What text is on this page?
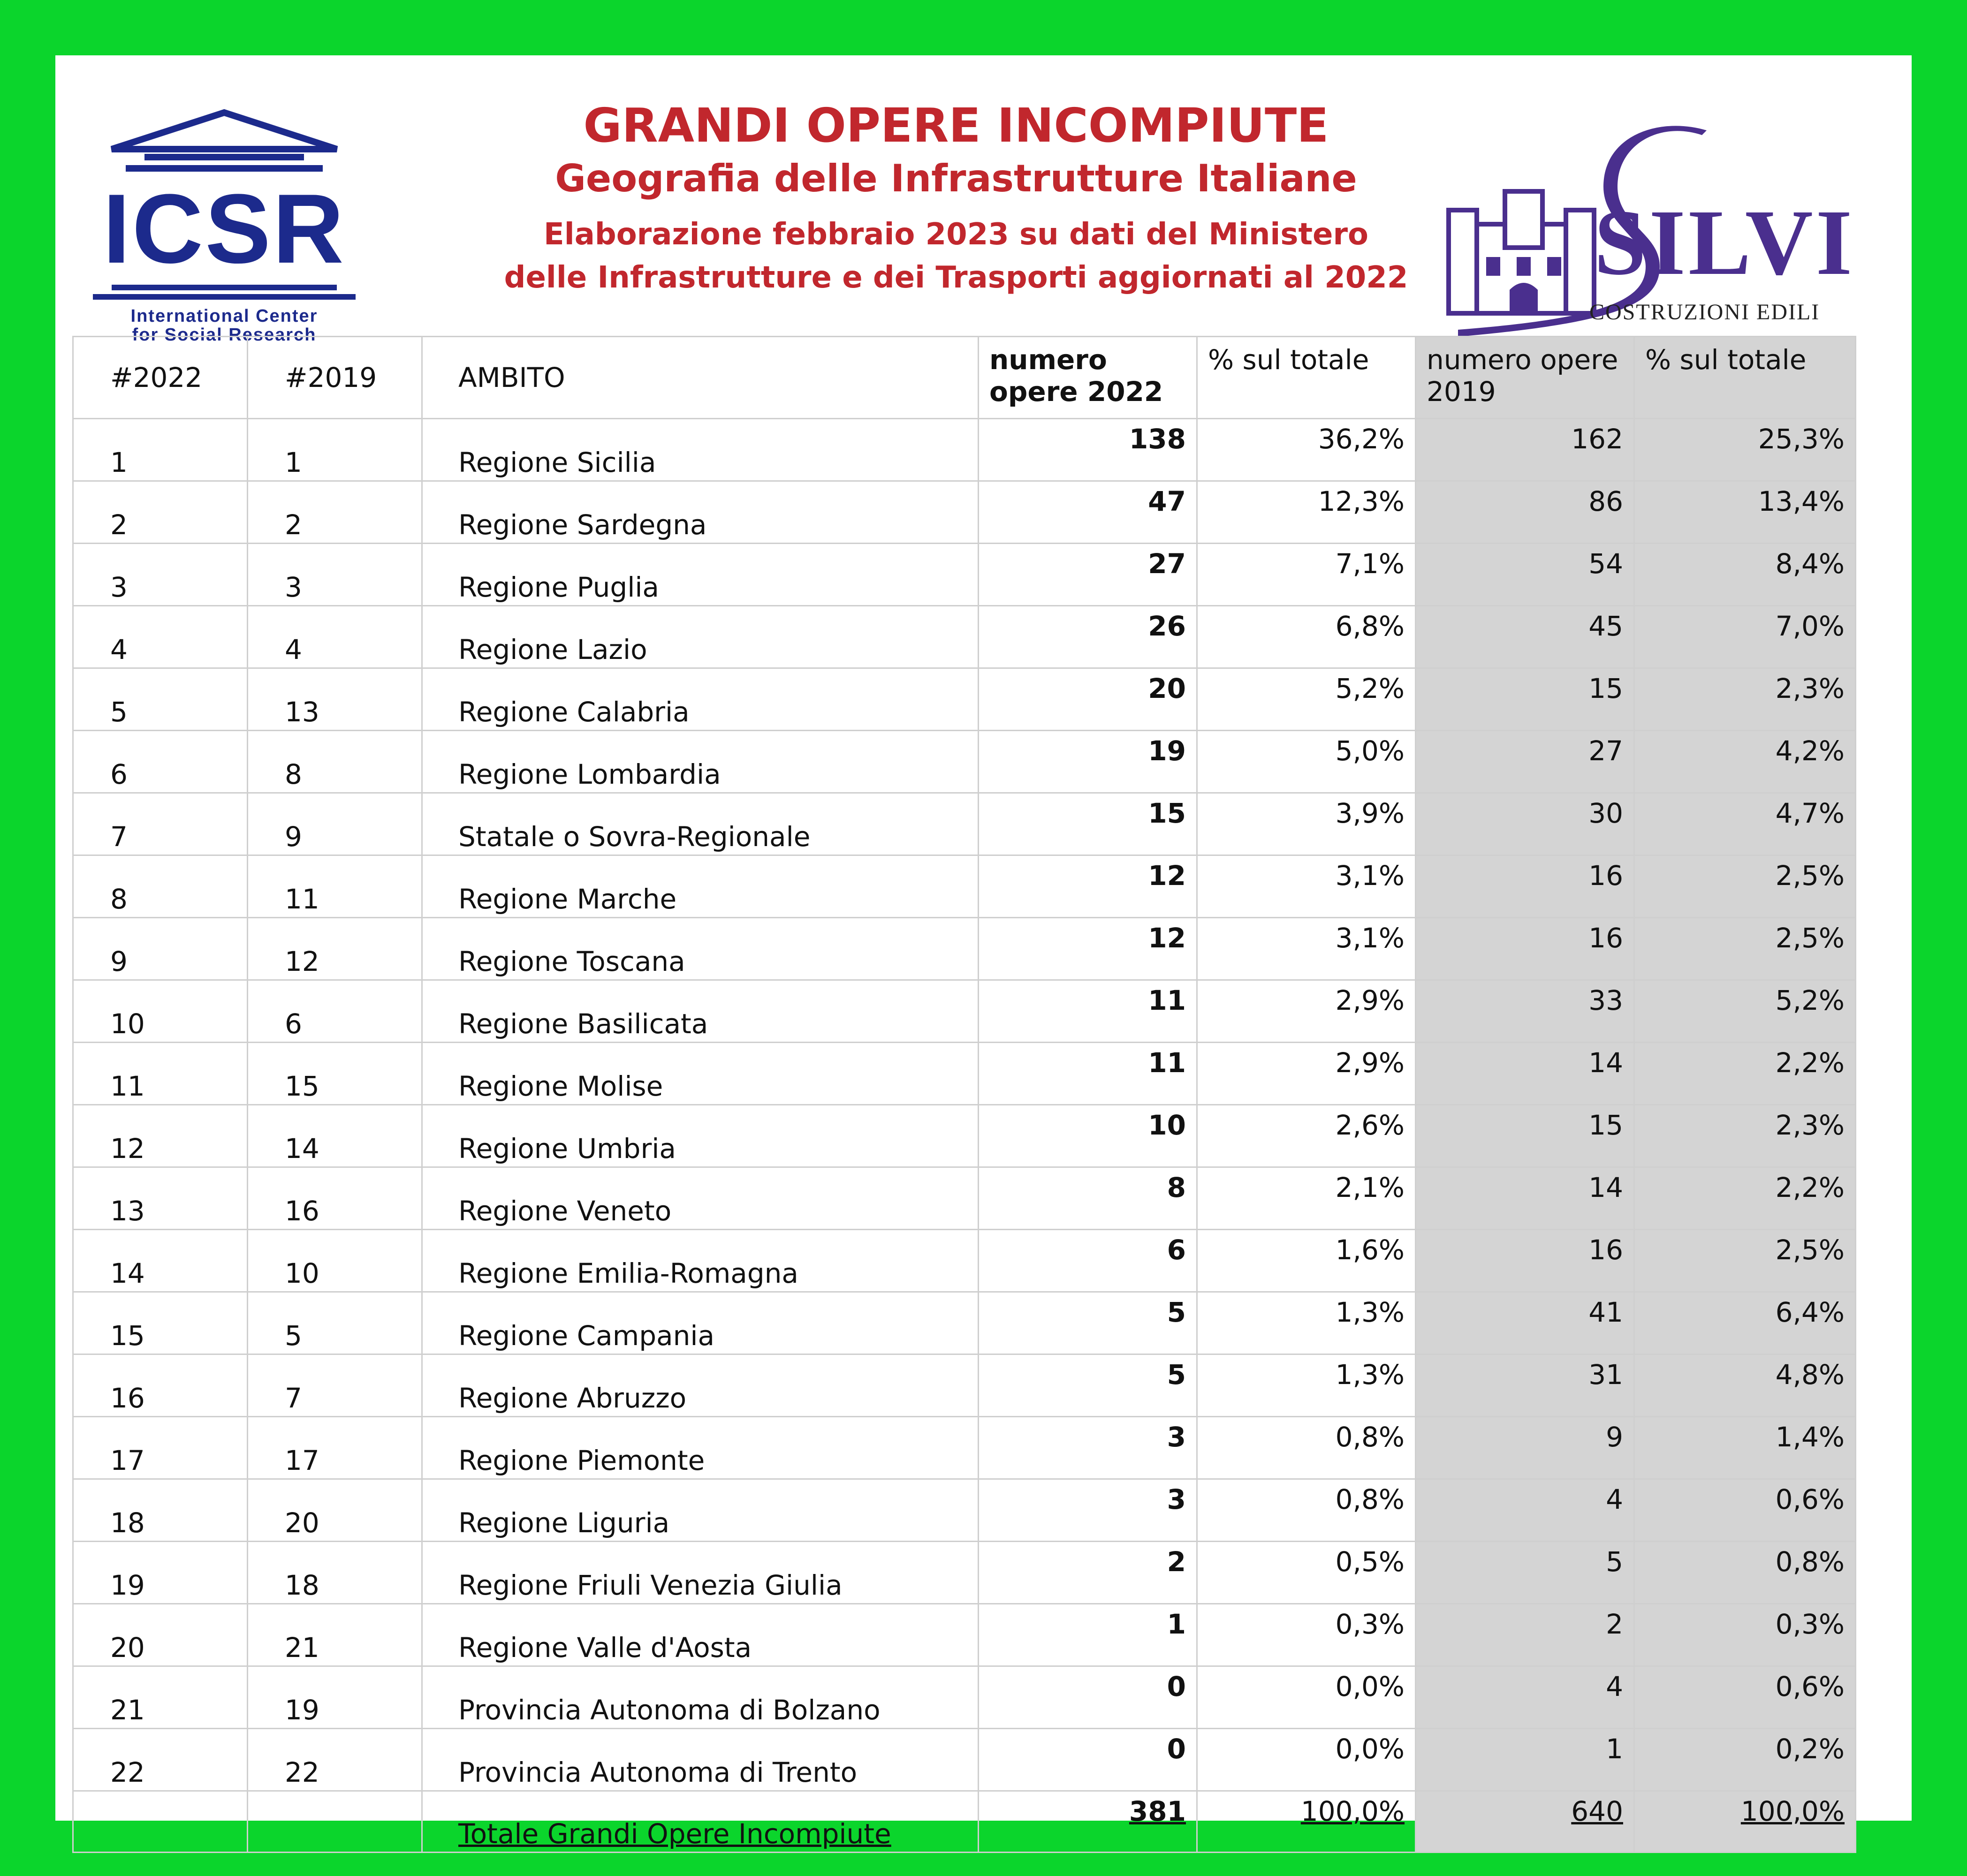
ICSR
International Center
for Social Research
GRANDI OPERE INCOMPIUTE
Geografia delle Infrastrutture Italiane
Elaborazione febbraio 2023 su dati del Ministero
delle Infrastrutture e dei Trasporti aggiornati al 2022	SILVI
COSTRUZIONI EDILI
#2022	#2019	AMBITO	numero opere 2022	% sul totale	numero opere 2019	% sul totale
1	1	Regione Sicilia	138	36,2%	162	25,3%
2	2	Regione Sardegna	47	12,3%	86	13,4%
3	3	Regione Puglia	27	7,1%	54	8,4%
4	4	Regione Lazio	26	6,8%	45	7,0%
5	13	Regione Calabria	20	5,2%	15	2,3%
6	8	Regione Lombardia	19	5,0%	27	4,2%
7	9	Statale o Sovra-Regionale	15	3,9%	30	4,7%
8	11	Regione Marche	12	3,1%	16	2,5%
9	12	Regione Toscana	12	3,1%	16	2,5%
10	6	Regione Basilicata	11	2,9%	33	5,2%
11	15	Regione Molise	11	2,9%	14	2,2%
12	14	Regione Umbria	10	2,6%	15	2,3%
13	16	Regione Veneto	8	2,1%	14	2,2%
14	10	Regione Emilia-Romagna	6	1,6%	16	2,5%
15	5	Regione Campania	5	1,3%	41	6,4%
16	7	Regione Abruzzo	5	1,3%	31	4,8%
17	17	Regione Piemonte	3	0,8%	9	1,4%
18	20	Regione Liguria	3	0,8%	4	0,6%
19	18	Regione Friuli Venezia Giulia	2	0,5%	5	0,8%
20	21	Regione Valle d'Aosta	1	0,3%	2	0,3%
21	19	Provincia Autonoma di Bolzano	0	0,0%	4	0,6%
22	22	Provincia Autonoma di Trento	0	0,0%	1	0,2%
		Totale Grandi Opere Incompiute	381	100,0%	640	100,0%
